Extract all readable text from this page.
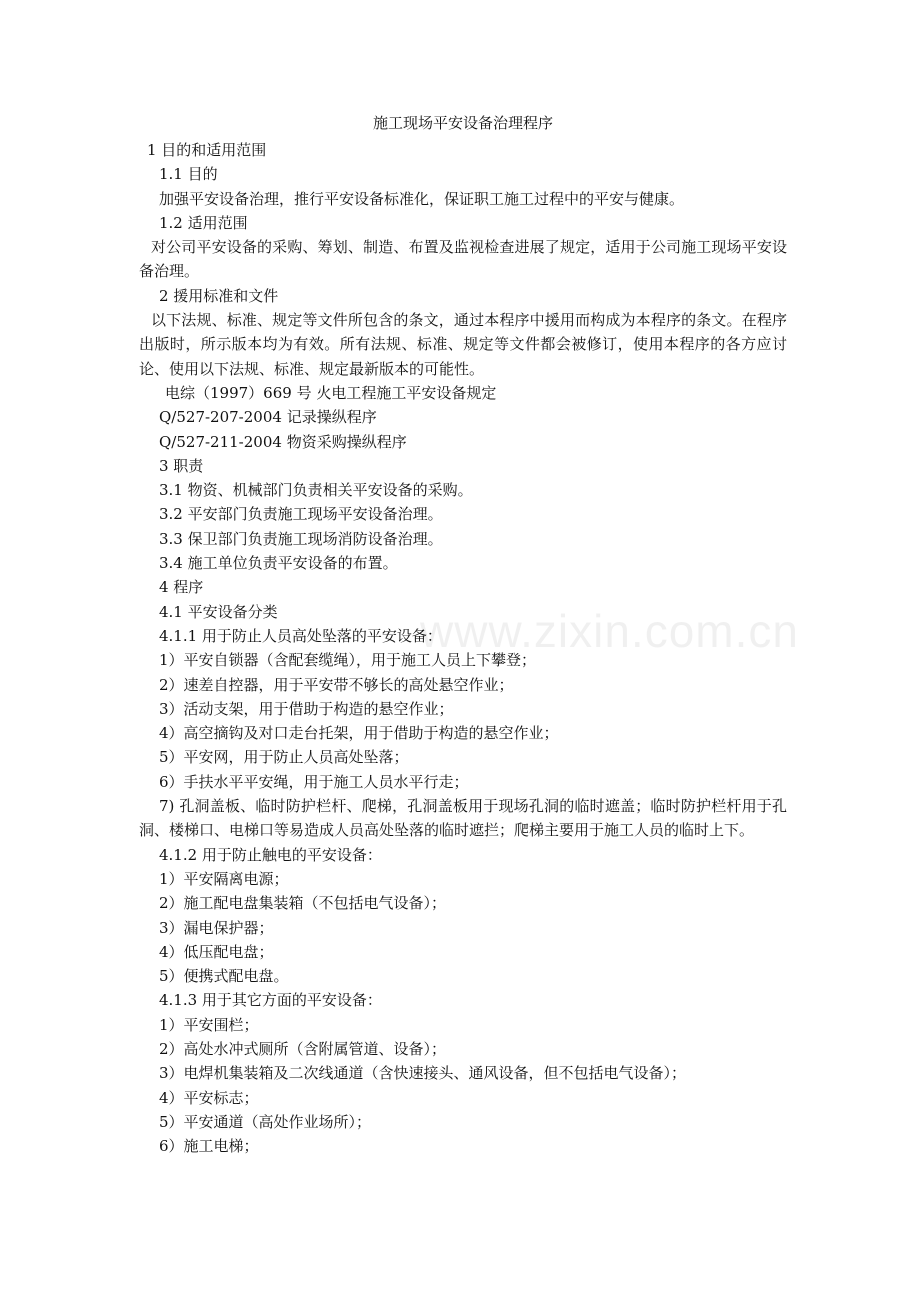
施工现场平安设备治理程序
1 目的和适用范围
1.1 目的
加强平安设备治理，推行平安设备标准化，保证职工施工过程中的平安与健康。
1.2 适用范围

对公司平安设备的采购、筹划、制造、布置及监视检查进展了规定，适用于公司施工现场平安设备治理。

2 援用标准和文件

以下法规、标准、规定等文件所包含的条文，通过本程序中援用而构成为本程序的条文。在程序出版时，所示版本均为有效。所有法规、标准、规定等文件都会被修订，使用本程序的各方应讨论、使用以下法规、标准、规定最新版本的可能性。

电综（1997）669 号 火电工程施工平安设备规定
Q/527-207-2004 记录操纵程序
Q/527-211-2004 物资采购操纵程序
3 职责
3.1 物资、机械部门负责相关平安设备的采购。
3.2 平安部门负责施工现场平安设备治理。
3.3 保卫部门负责施工现场消防设备治理。
3.4 施工单位负责平安设备的布置。
4 程序
4.1 平安设备分类
4.1.1 用于防止人员高处坠落的平安设备：
1）平安自锁器（含配套缆绳），用于施工人员上下攀登；
2）速差自控器，用于平安带不够长的高处悬空作业；
3）活动支架，用于借助于构造的悬空作业；
4）高空摘钩及对口走台托架，用于借助于构造的悬空作业；
5）平安网，用于防止人员高处坠落；
6）手扶水平平安绳，用于施工人员水平行走；

7) 孔洞盖板、临时防护栏杆、爬梯，孔洞盖板用于现场孔洞的临时遮盖；临时防护栏杆用于孔洞、楼梯口、电梯口等易造成人员高处坠落的临时遮拦；爬梯主要用于施工人员的临时上下。

4.1.2 用于防止触电的平安设备：
1）平安隔离电源；
2）施工配电盘集装箱（不包括电气设备）；
3）漏电保护器；
4）低压配电盘；
5）便携式配电盘。
4.1.3 用于其它方面的平安设备：
1）平安围栏；
2）高处水冲式厕所（含附属管道、设备）；
3）电焊机集装箱及二次线通道（含快速接头、通风设备，但不包括电气设备）；
4）平安标志；
5）平安通道（高处作业场所）；
6）施工电梯；
www.zixin.com.cn
